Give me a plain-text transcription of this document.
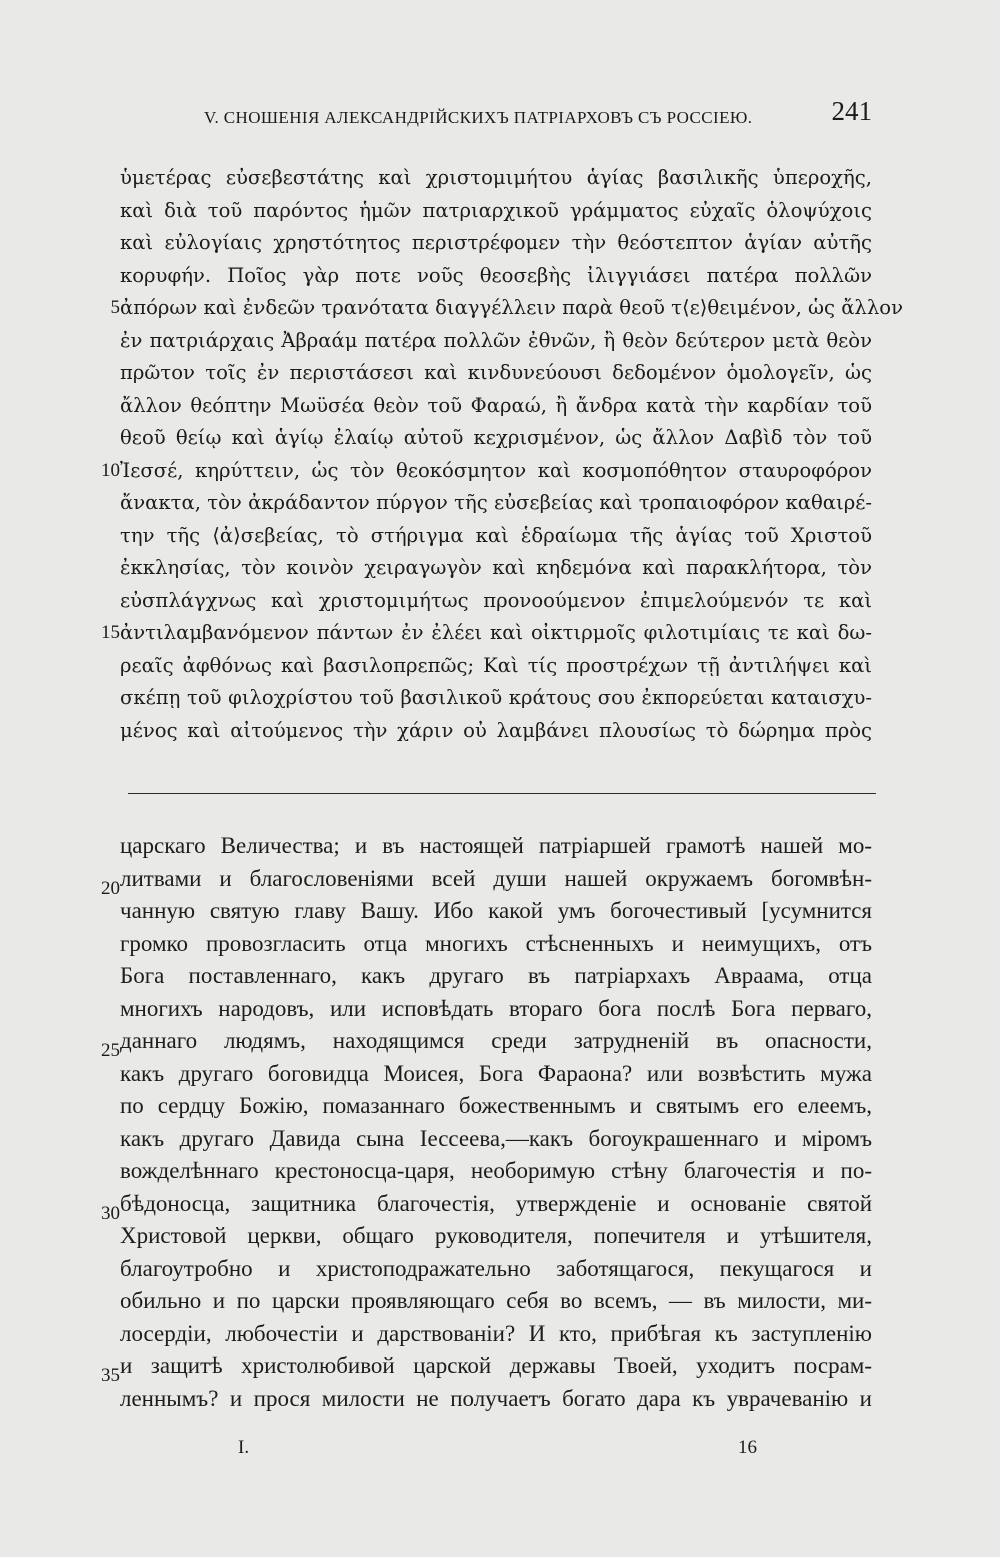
V. СНОШЕНІЯ АЛЕКСАНДРІЙСКИХЪ ПАТРІАРХОВЪ СЪ РОССІЕЮ.	241
ὑμετέρας εὐσεβεστάτης καὶ χριστομιμήτου ἁγίας βασιλικῆς ὑπεροχῆς,
καὶ διὰ τοῦ παρόντος ἡμῶν πατριαρχικοῦ γράμματος εὐχαῖς ὁλοψύχοις
καὶ εὐλογίαις χρηστότητος περιστρέφομεν τὴν θεόστεπτον ἁγίαν αὐτῆς
κορυφήν. Ποῖος γὰρ ποτε νοῦς θεοσεβὴς ἰλιγγιάσει πατέρα πολλῶν
5 ἀπόρων καὶ ἐνδεῶν τρανότατα διαγγέλλειν παρὰ θεοῦ τ⟨ε⟩θειμένον, ὡς ἄλλον
ἐν πατριάρχαις Ἀβραάμ πατέρα πολλῶν ἐθνῶν, ἢ θεὸν δεύτερον μετὰ θεὸν
πρῶτον τοῖς ἐν περιστάσεσι καὶ κινδυνεύουσι δεδομένον ὁμολογεῖν, ὡς
ἄλλον θεόπτην Μωϋσέα θεὸν τοῦ Φαραώ, ἢ ἄνδρα κατὰ τὴν καρδίαν τοῦ
θεοῦ θείῳ καὶ ἁγίῳ ἐλαίῳ αὐτοῦ κεχρισμένον, ὡς ἄλλον Δαβὶδ τὸν τοῦ
10 Ἰεσσέ, κηρύττειν, ὡς τὸν θεοκόσμητον καὶ κοσμοπόθητον σταυροφόρον
ἄνακτα, τὸν ἀκράδαντον πύργον τῆς εὐσεβείας καὶ τροπαιοφόρον καθαιρέ-
την τῆς ⟨ἀ⟩σεβείας, τὸ στήριγμα καὶ ἑδραίωμα τῆς ἁγίας τοῦ Χριστοῦ
ἐκκλησίας, τὸν κοινὸν χειραγωγὸν καὶ κηδεμόνα καὶ παρακλήτορα, τὸν
εὐσπλάγχνως καὶ χριστομιμήτως προνοούμενον ἐπιμελούμενόν τε καὶ
15 ἀντιλαμβανόμενον πάντων ἐν ἐλέει καὶ οἰκτιρμοῖς φιλοτιμίαις τε καὶ δω-
ρεαῖς ἀφθόνως καὶ βασιλοπρεπῶς; Καὶ τίς προστρέχων τῇ ἀντιλήψει καὶ
σκέπῃ τοῦ φιλοχρίστου τοῦ βασιλικοῦ κράτους σου ἐκπορεύεται καταισχυ-
μένος καὶ αἰτούμενος τὴν χάριν οὐ λαμβάνει πλουσίως τὸ δώρημα πρὸς
царскаго Величества; и въ настоящей патріаршей грамотѣ нашей мо-
20 литвами и благословеніями всей души нашей окружаемъ богомвѣн-
чанную святую главу Вашу. Ибо какой умъ богочестивый [усумнится
громко провозгласить отца многихъ стѣсненныхъ и неимущихъ, отъ
Бога поставленнаго, какъ другаго въ патріархахъ Авраама, отца
многихъ народовъ, или исповѣдать втораго бога послѣ Бога перваго,
25 даннаго людямъ, находящимся среди затрудненій въ опасности,
какъ другаго боговидца Моисея, Бога Фараона? или возвѣстить мужа
по сердцу Божію, помазаннаго божественнымъ и святымъ его елеемъ,
какъ другаго Давида сына Іессеева,—какъ богоукрашеннаго и міромъ
вожделѣннаго крестоносца-царя, необоримую стѣну благочестія и по-
30 бѣдоносца, защитника благочестія, утвержденіе и основаніе святой
Христовой церкви, общаго руководителя, попечителя и утѣшителя,
благоутробно и христоподражательно заботящагося, пекущагося и
обильно и по царски проявляющаго себя во всемъ, — въ милости, ми-
лосердіи, любочестіи и дарствованіи? И кто, прибѣгая къ заступленію
35 и защитѣ христолюбивой царской державы Твоей, уходитъ посрам-
леннымъ? и прося милости не получаетъ богато дара къ уврачеванію и
I.	16
